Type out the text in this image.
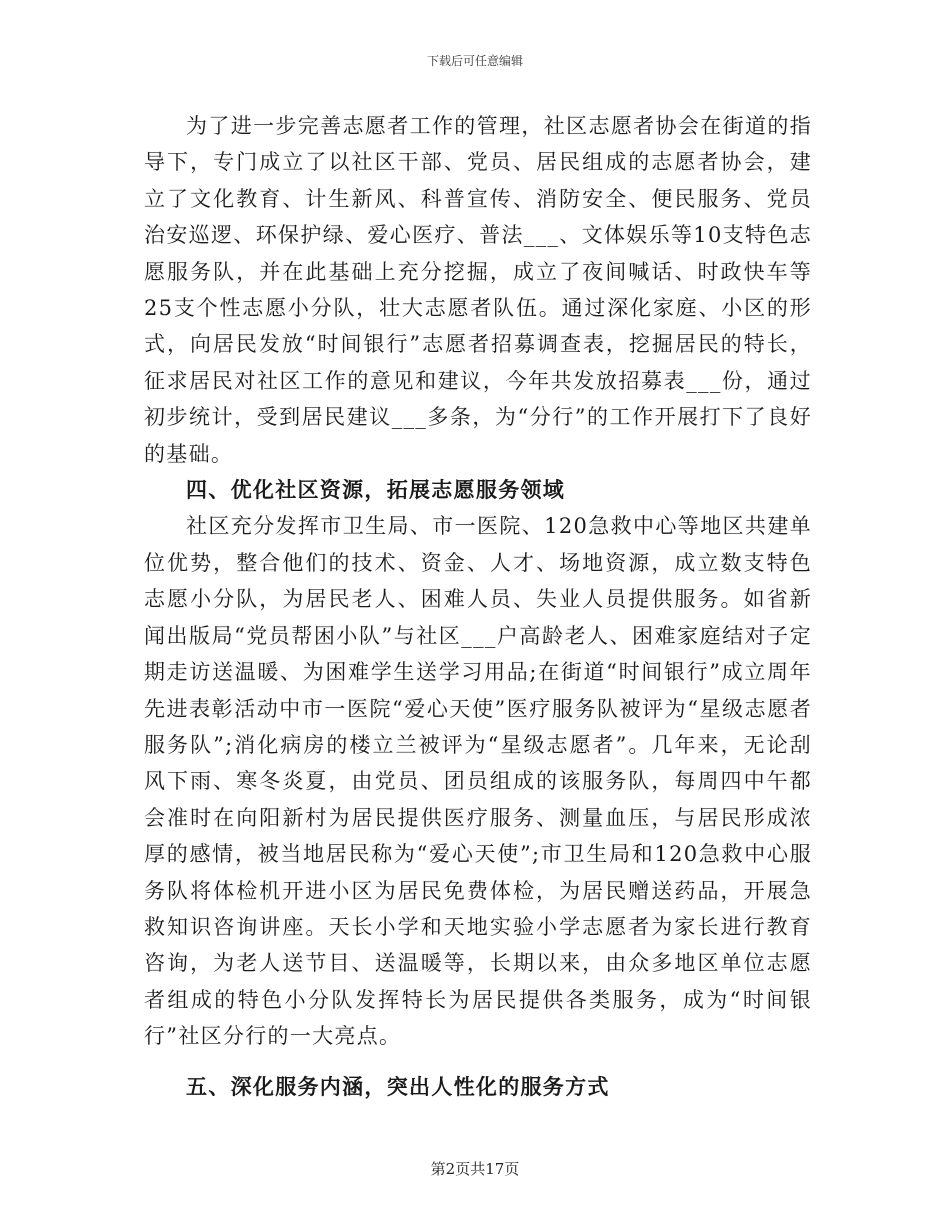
下载后可任意编辑

为了进一步完善志愿者工作的管理，社区志愿者协会在街道的指导下，专门成立了以社区干部、党员、居民组成的志愿者协会，建立了文化教育、计生新风、科普宣传、消防安全、便民服务、党员治安巡逻、环保护绿、爱心医疗、普法___、文体娱乐等10支特色志愿服务队，并在此基础上充分挖掘，成立了夜间喊话、时政快车等25支个性志愿小分队，壮大志愿者队伍。通过深化家庭、小区的形式，向居民发放“时间银行”志愿者招募调查表，挖掘居民的特长，征求居民对社区工作的意见和建议，今年共发放招募表___份，通过初步统计，受到居民建议___多条，为“分行”的工作开展打下了良好的基础。

四、优化社区资源，拓展志愿服务领域

社区充分发挥市卫生局、市一医院、120急救中心等地区共建单位优势，整合他们的技术、资金、人才、场地资源，成立数支特色志愿小分队，为居民老人、困难人员、失业人员提供服务。如省新闻出版局“党员帮困小队”与社区___户高龄老人、困难家庭结对子定期走访送温暖、为困难学生送学习用品;在街道“时间银行”成立周年先进表彰活动中市一医院“爱心天使”医疗服务队被评为“星级志愿者服务队”;消化病房的楼立兰被评为“星级志愿者”。几年来，无论刮风下雨、寒冬炎夏，由党员、团员组成的该服务队，每周四中午都会准时在向阳新村为居民提供医疗服务、测量血压，与居民形成浓厚的感情，被当地居民称为“爱心天使”;市卫生局和120急救中心服务队将体检机开进小区为居民免费体检，为居民赠送药品，开展急救知识咨询讲座。天长小学和天地实验小学志愿者为家长进行教育咨询，为老人送节目、送温暖等，长期以来，由众多地区单位志愿者组成的特色小分队发挥特长为居民提供各类服务，成为“时间银行”社区分行的一大亮点。

五、深化服务内涵，突出人性化的服务方式

第2页共17页
